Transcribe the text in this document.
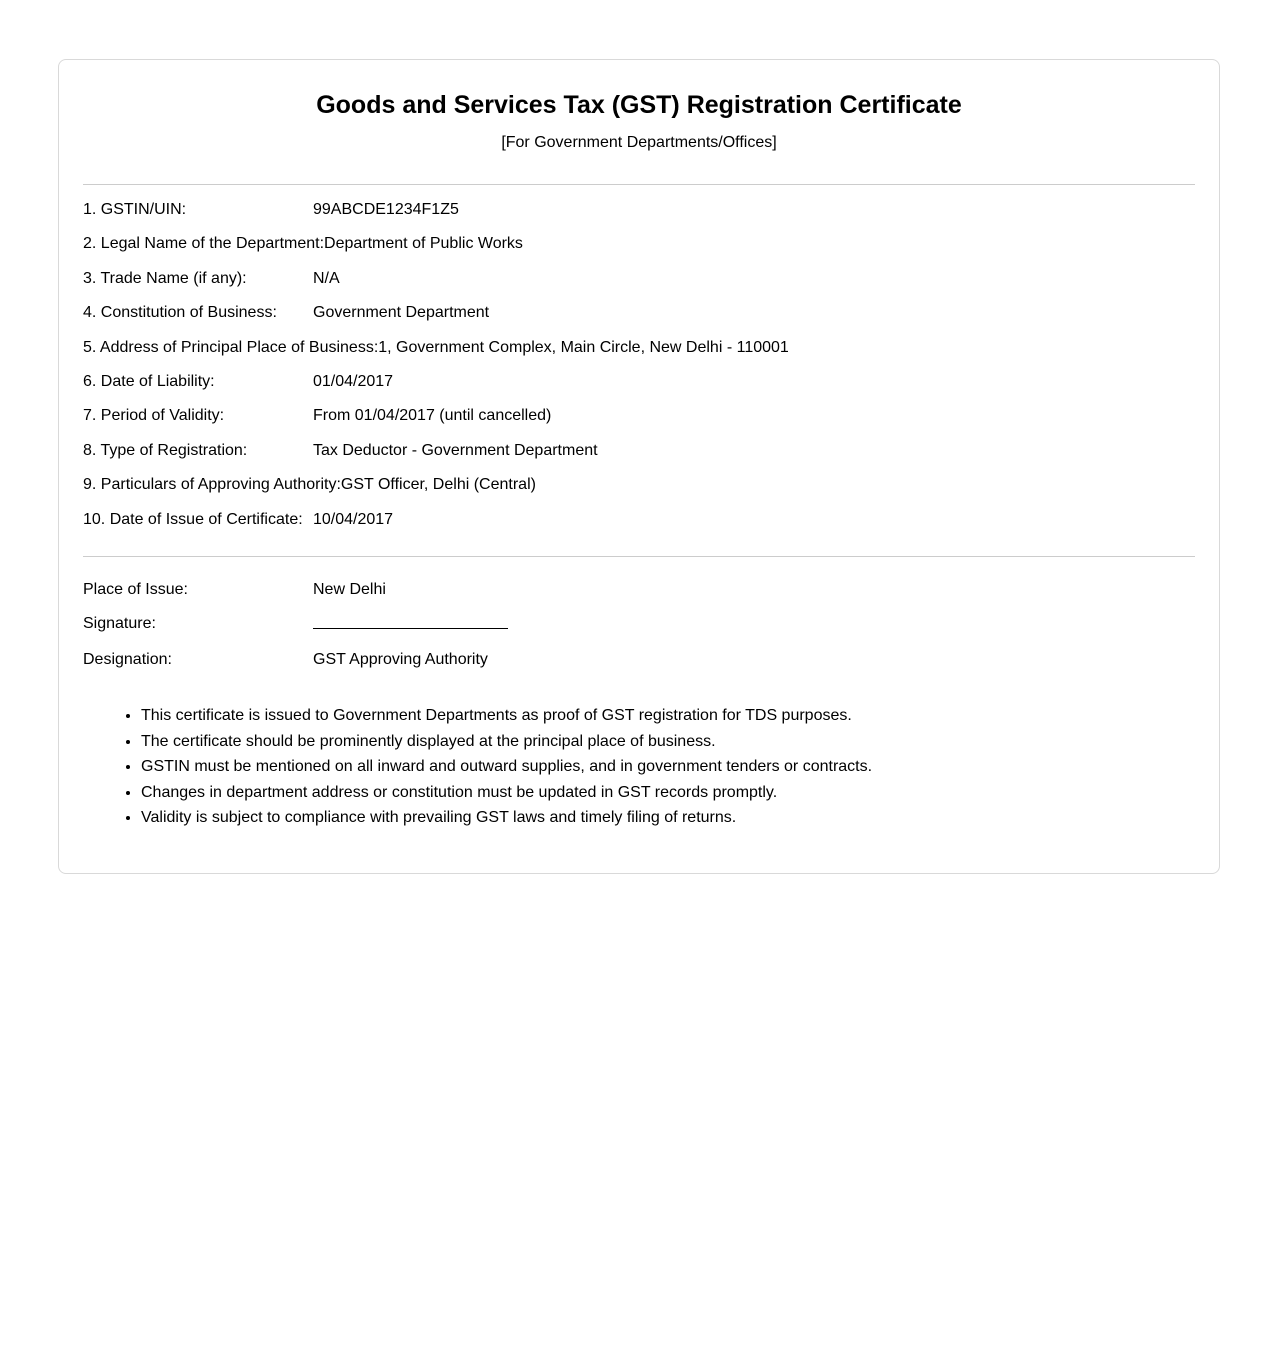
Goods and Services Tax (GST) Registration Certificate

[For Government Departments/Offices]

1. GSTIN/UIN:	99ABCDE1234F1Z5

2. Legal Name of the Department:Department of Public Works

3. Trade Name (if any):	N/A

4. Constitution of Business: Government Department

5. Address of Principal Place of Business:1, Government Complex, Main Circle, New Delhi - 110001

6. Date of Liability:	01/04/2017

7. Period of Validity:	From 01/04/2017 (until cancelled)

8. Type of Registration:	Tax Deductor - Government Department

9. Particulars of Approving Authority:GST Officer, Delhi (Central)

10. Date of Issue of Certificate: 10/04/2017

Place of Issue:	New Delhi

Signature:

Designation:	GST Approving Authority

• This certificate is issued to Government Departments as proof of GST registration for TDS purposes.
• The certificate should be prominently displayed at the principal place of business.
• GSTIN must be mentioned on all inward and outward supplies, and in government tenders or contracts.
• Changes in department address or constitution must be updated in GST records promptly.
• Validity is subject to compliance with prevailing GST laws and timely filing of returns.
